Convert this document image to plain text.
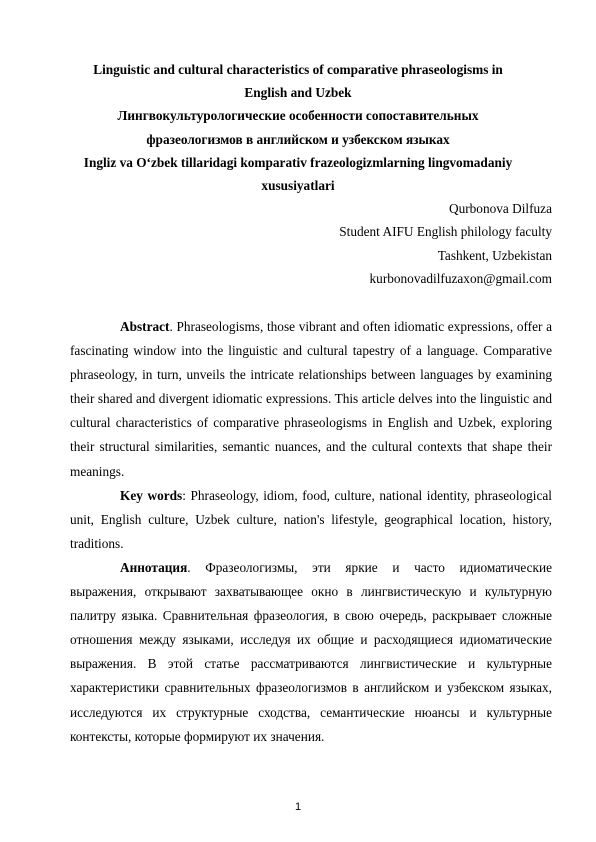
Linguistic and cultural characteristics of comparative phraseologisms in
English and Uzbek
Лингвокультурологические особенности сопоставительных
фразеологизмов в английском и узбекском языках
Ingliz va O‘zbek tillaridagi komparativ frazeologizmlarning lingvomadaniy
xususiyatlari
Qurbonova Dilfuza
Student AIFU English philology faculty
Tashkent, Uzbekistan
kurbonovadilfuzaxon@gmail.com

Abstract. Phraseologisms, those vibrant and often idiomatic expressions, offer a fascinating window into the linguistic and cultural tapestry of a language. Comparative phraseology, in turn, unveils the intricate relationships between languages by examining their shared and divergent idiomatic expressions. This article delves into the linguistic and cultural characteristics of comparative phraseologisms in English and Uzbek, exploring their structural similarities, semantic nuances, and the cultural contexts that shape their meanings.

Key words: Phraseology, idiom, food, culture, national identity, phraseological unit, English culture, Uzbek culture, nation's lifestyle, geographical location, history, traditions.

Аннотация. Фразеологизмы, эти яркие и часто идиоматические выражения, открывают захватывающее окно в лингвистическую и культурную палитру языка. Сравнительная фразеология, в свою очередь, раскрывает сложные отношения между языками, исследуя их общие и расходящиеся идиоматические выражения. В этой статье рассматриваются лингвистические и культурные характеристики сравнительных фразеологизмов в английском и узбекском языках, исследуются их структурные сходства, семантические нюансы и культурные контексты, которые формируют их значения.

1
